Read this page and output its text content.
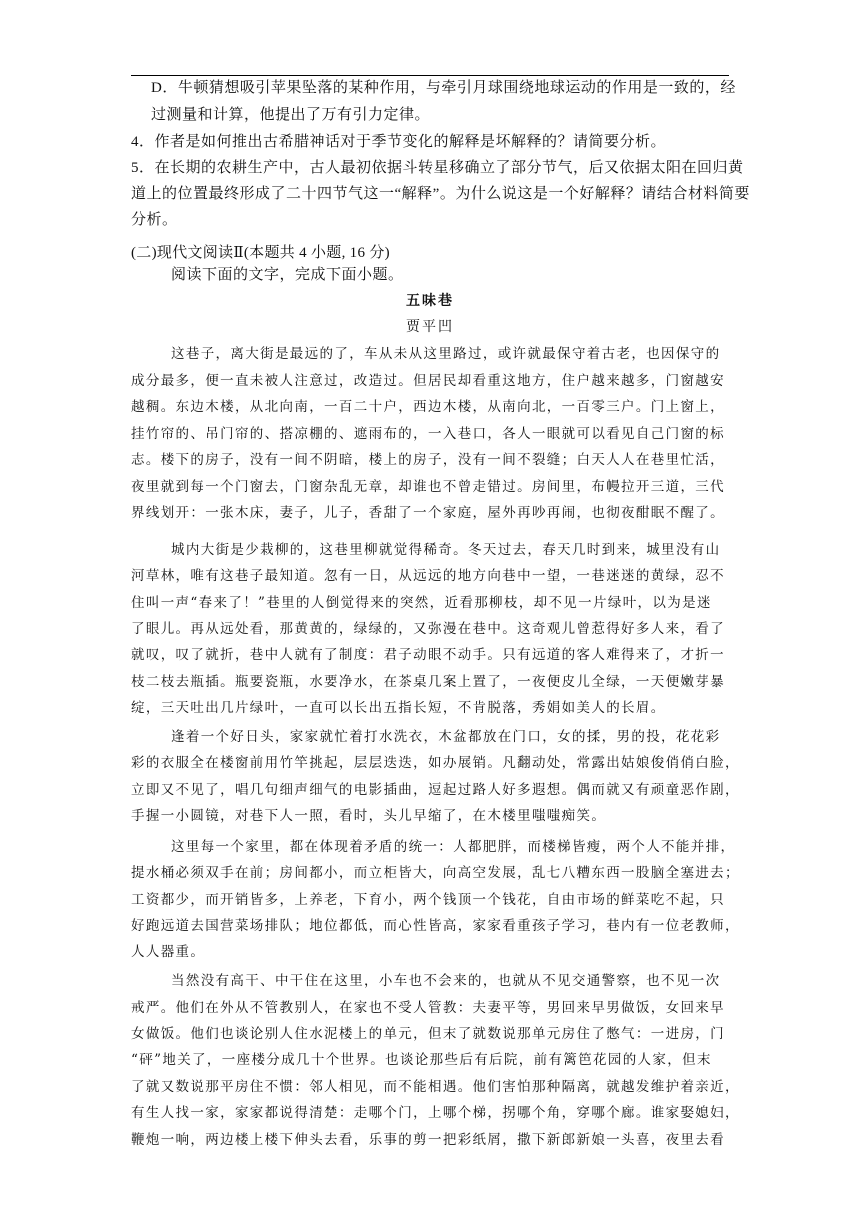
D．牛顿猜想吸引苹果坠落的某种作用，与牵引月球围绕地球运动的作用是一致的，经
过测量和计算，他提出了万有引力定律。
4．作者是如何推出古希腊神话对于季节变化的解释是坏解释的？请简要分析。
5．在长期的农耕生产中，古人最初依据斗转星移确立了部分节气，后又依据太阳在回归黄
道上的位置最终形成了二十四节气这一“解释”。为什么说这是一个好解释？请结合材料简要
分析。
(二)现代文阅读Ⅱ(本题共 4 小题, 16 分)
阅读下面的文字，完成下面小题。
五味巷
贾平凹
这巷子，离大街是最远的了，车从未从这里路过，或许就最保守着古老，也因保守的
成分最多，便一直未被人注意过，改造过。但居民却看重这地方，住户越来越多，门窗越安
越稠。东边木楼，从北向南，一百二十户，西边木楼，从南向北，一百零三户。门上窗上，
挂竹帘的、吊门帘的、搭凉棚的、遮雨布的，一入巷口，各人一眼就可以看见自己门窗的标
志。楼下的房子，没有一间不阴暗，楼上的房子，没有一间不裂缝；白天人人在巷里忙活，
夜里就到每一个门窗去，门窗杂乱无章，却谁也不曾走错过。房间里，布幔拉开三道，三代
界线划开：一张木床，妻子，儿子，香甜了一个家庭，屋外再吵再闹，也彻夜酣眠不醒了。
城内大街是少栽柳的，这巷里柳就觉得稀奇。冬天过去，春天几时到来，城里没有山
河草林，唯有这巷子最知道。忽有一日，从远远的地方向巷中一望，一巷迷迷的黄绿，忍不
住叫一声“春来了！”巷里的人倒觉得来的突然，近看那柳枝，却不见一片绿叶，以为是迷
了眼儿。再从远处看，那黄黄的，绿绿的，又弥漫在巷中。这奇观儿曾惹得好多人来，看了
就叹，叹了就折，巷中人就有了制度：君子动眼不动手。只有远道的客人难得来了，才折一
枝二枝去瓶插。瓶要瓷瓶，水要净水，在茶桌几案上置了，一夜便皮儿全绿，一天便嫩芽暴
绽，三天吐出几片绿叶，一直可以长出五指长短，不肯脱落，秀娟如美人的长眉。
逢着一个好日头，家家就忙着打水洗衣，木盆都放在门口，女的揉，男的投，花花彩
彩的衣服全在楼窗前用竹竿挑起，层层迭迭，如办展销。凡翻动处，常露出姑娘俊俏俏白脸，
立即又不见了，唱几句细声细气的电影插曲，逗起过路人好多遐想。偶而就又有顽童恶作剧，
手握一小圆镜，对巷下人一照，看时，头儿早缩了，在木楼里嗤嗤痴笑。
这里每一个家里，都在体现着矛盾的统一：人都肥胖，而楼梯皆瘦，两个人不能并排，
提水桶必须双手在前；房间都小，而立柜皆大，向高空发展，乱七八糟东西一股脑全塞进去；
工资都少，而开销皆多，上养老，下育小，两个钱顶一个钱花，自由市场的鲜菜吃不起，只
好跑远道去国营菜场排队；地位都低，而心性皆高，家家看重孩子学习，巷内有一位老教师，
人人器重。
当然没有高干、中干住在这里，小车也不会来的，也就从不见交通警察，也不见一次
戒严。他们在外从不管教别人，在家也不受人管教：夫妻平等，男回来早男做饭，女回来早
女做饭。他们也谈论别人住水泥楼上的单元，但末了就数说那单元房住了憋气：一进房，门
“砰”地关了，一座楼分成几十个世界。也谈论那些后有后院，前有篱笆花园的人家，但末
了就又数说那平房住不惯：邻人相见，而不能相遇。他们害怕那种隔离，就越发维护着亲近，
有生人找一家，家家都说得清楚：走哪个门，上哪个梯，拐哪个角，穿哪个廊。谁家娶媳妇，
鞭炮一响，两边楼上楼下伸头去看，乐事的剪一把彩纸屑，撒下新郎新娘一头喜，夜里去看
